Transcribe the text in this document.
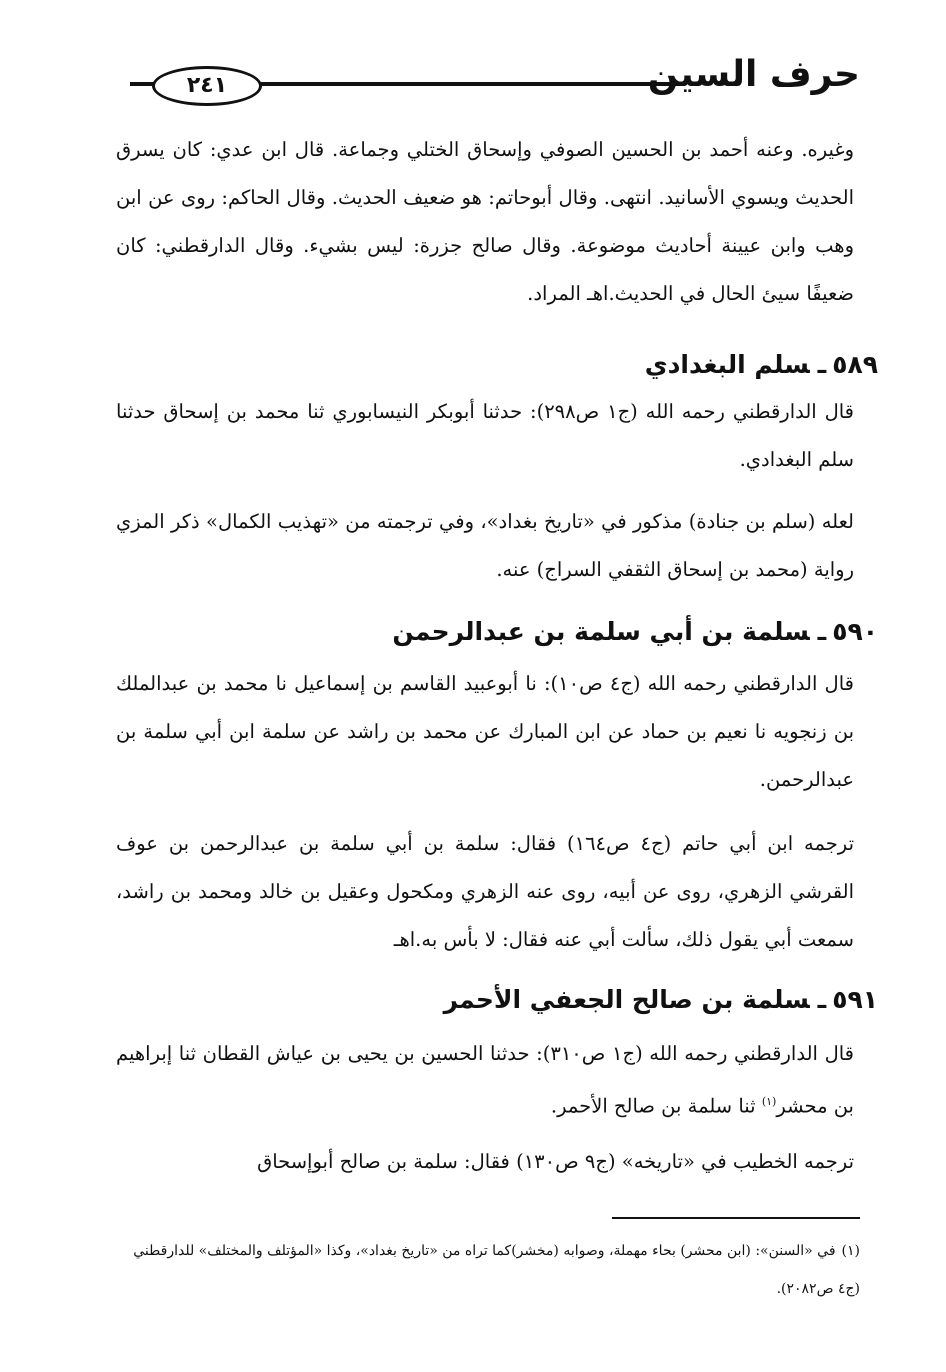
٢٤١	حرف السين
وغيره. وعنه أحمد بن الحسين الصوفي وإسحاق الختلي وجماعة. قال ابن عدي: كان يسرق الحديث ويسوي الأسانيد. انتهى. وقال أبوحاتم: هو ضعيف الحديث. وقال الحاكم: روى عن ابن وهب وابن عيينة أحاديث موضوعة. وقال صالح جزرة: ليس بشيء. وقال الدارقطني: كان ضعيفًا سيئ الحال في الحديث.اهـ المراد.
٥٨٩ـسلم البغدادي
قال الدارقطني رحمه الله (ج١ ص٢٩٨): حدثنا أبوبكر النيسابوري ثنا محمد بن إسحاق حدثنا سلم البغدادي.
لعله (سلم بن جنادة) مذكور في «تاريخ بغداد»، وفي ترجمته من «تهذيب الكمال» ذكر المزي رواية (محمد بن إسحاق الثقفي السراج) عنه.
٥٩٠ـسلمة بن أبي سلمة بن عبدالرحمن
قال الدارقطني رحمه الله (ج٤ ص١٠): نا أبوعبيد القاسم بن إسماعيل نا محمد بن عبدالملك بن زنجويه نا نعيم بن حماد عن ابن المبارك عن محمد بن راشد عن سلمة ابن أبي سلمة بن عبدالرحمن.
ترجمه ابن أبي حاتم (ج٤ ص١٦٤) فقال: سلمة بن أبي سلمة بن عبدالرحمن بن عوف القرشي الزهري، روى عن أبيه، روى عنه الزهري ومكحول وعقيل بن خالد ومحمد بن راشد، سمعت أبي يقول ذلك، سألت أبي عنه فقال: لا بأس به.اهـ
٥٩١ـسلمة بن صالح الجعفي الأحمر
قال الدارقطني رحمه الله (ج١ ص٣١٠): حدثنا الحسين بن يحيى بن عياش القطان ثنا إبراهيم بن محشر$^{(١)}$ ثنا سلمة بن صالح الأحمر.
ترجمه الخطيب في «تاريخه» (ج٩ ص١٣٠) فقال: سلمة بن صالح أبوإسحاق
(١)في «السنن»: (ابن محشر) بحاء مهملة، وصوابه (مخشر)كما تراه من «تاريخ بغداد»، وكذا «المؤتلف والمختلف» للدارقطني (ج٤ ص٢٠٨٢).
